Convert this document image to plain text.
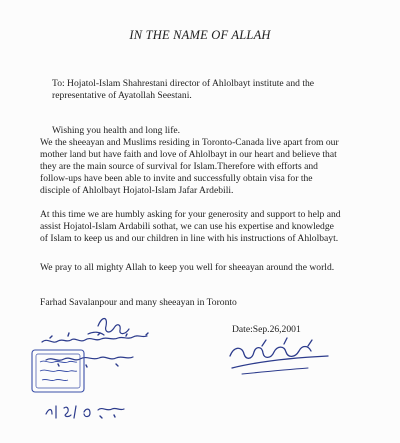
IN THE NAME OF ALLAH
To: Hojatol-Islam Shahrestani director of Ahlolbayt institute and the
representative of Ayatollah Seestani.
Wishing you health and long life.
We the sheeayan and Muslims residing in Toronto-Canada live apart from our
mother land but have faith and love of Ahlolbayt in our heart and believe that
they are the main source of survival for Islam.Therefore with efforts and
follow-ups have been able to invite and successfully obtain visa for the
disciple of Ahlolbayt Hojatol-Islam Jafar Ardebili.
At this time we are humbly asking for your generosity and support to help and
assist Hojatol-Islam Ardabili sothat, we can use his expertise and knowledge
of Islam to keep us and our children in line with his instructions of Ahlolbayt.
We pray to all mighty Allah to keep you well for sheeayan around the world.
Farhad Savalanpour and many sheeayan in Toronto
Date:Sep.26,2001
